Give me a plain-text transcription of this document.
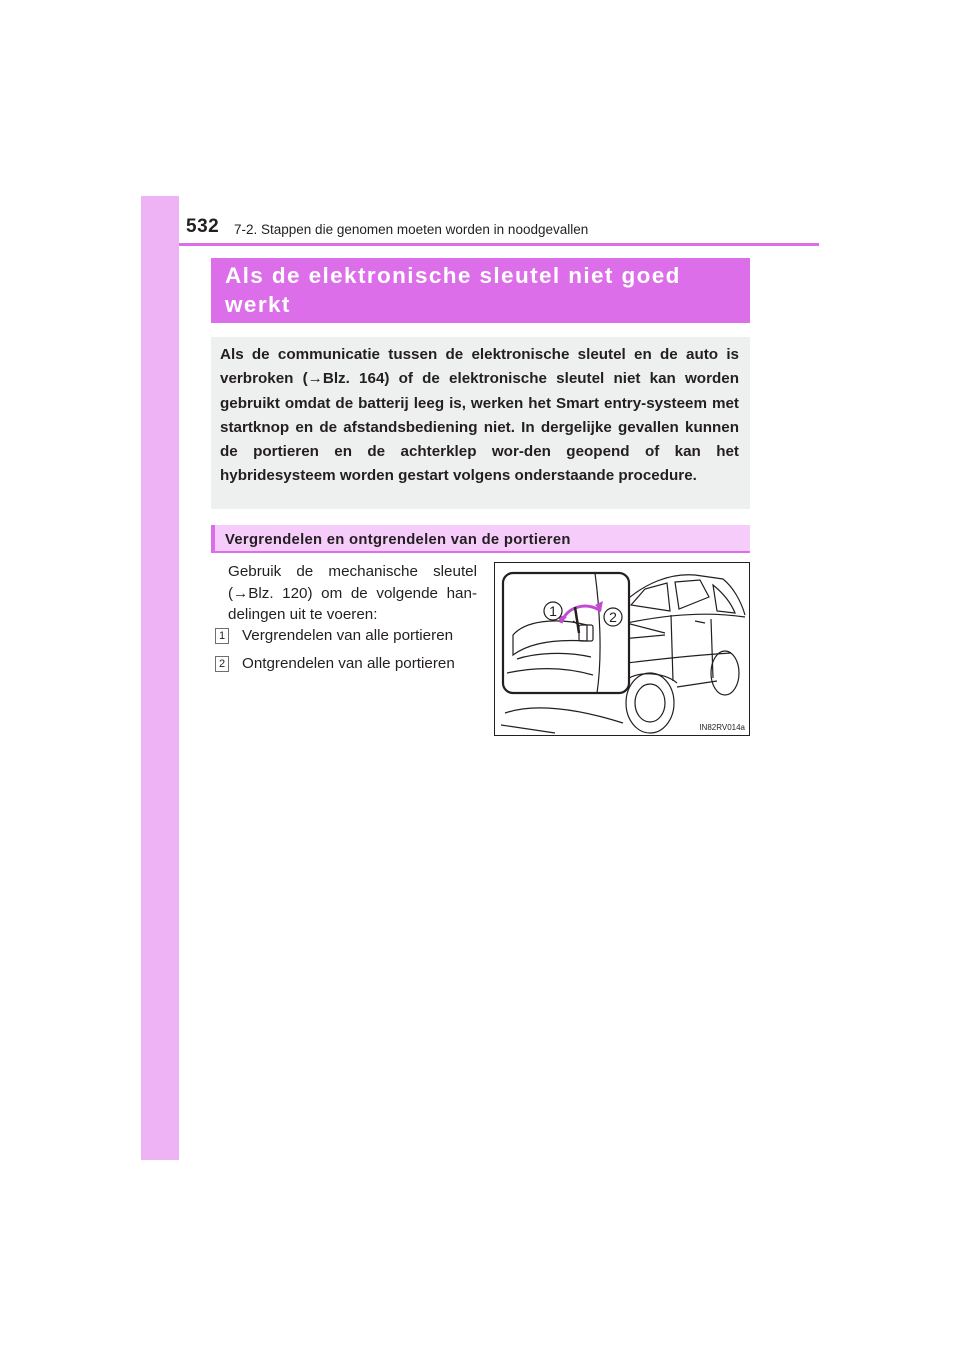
532 7-2. Stappen die genomen moeten worden in noodgevallen
Als de elektronische sleutel niet goed
werkt

Als de communicatie tussen de elektronische sleutel en de auto is verbroken (→Blz. 164) of de elektronische sleutel niet kan worden gebruikt omdat de batterij leeg is, werken het Smart entry-systeem met startknop en de afstandsbediening niet. In dergelijke gevallen kunnen de portieren en de achterklep wor-den geopend of kan het hybridesysteem worden gestart volgens onderstaande procedure.

Vergrendelen en ontgrendelen van de portieren

Gebruik de mechanische sleutel (→Blz. 120) om de volgende han-delingen uit te voeren:

1 Vergrendelen van alle portieren
2 Ontgrendelen van alle portieren
1	2
IN82RV014a
